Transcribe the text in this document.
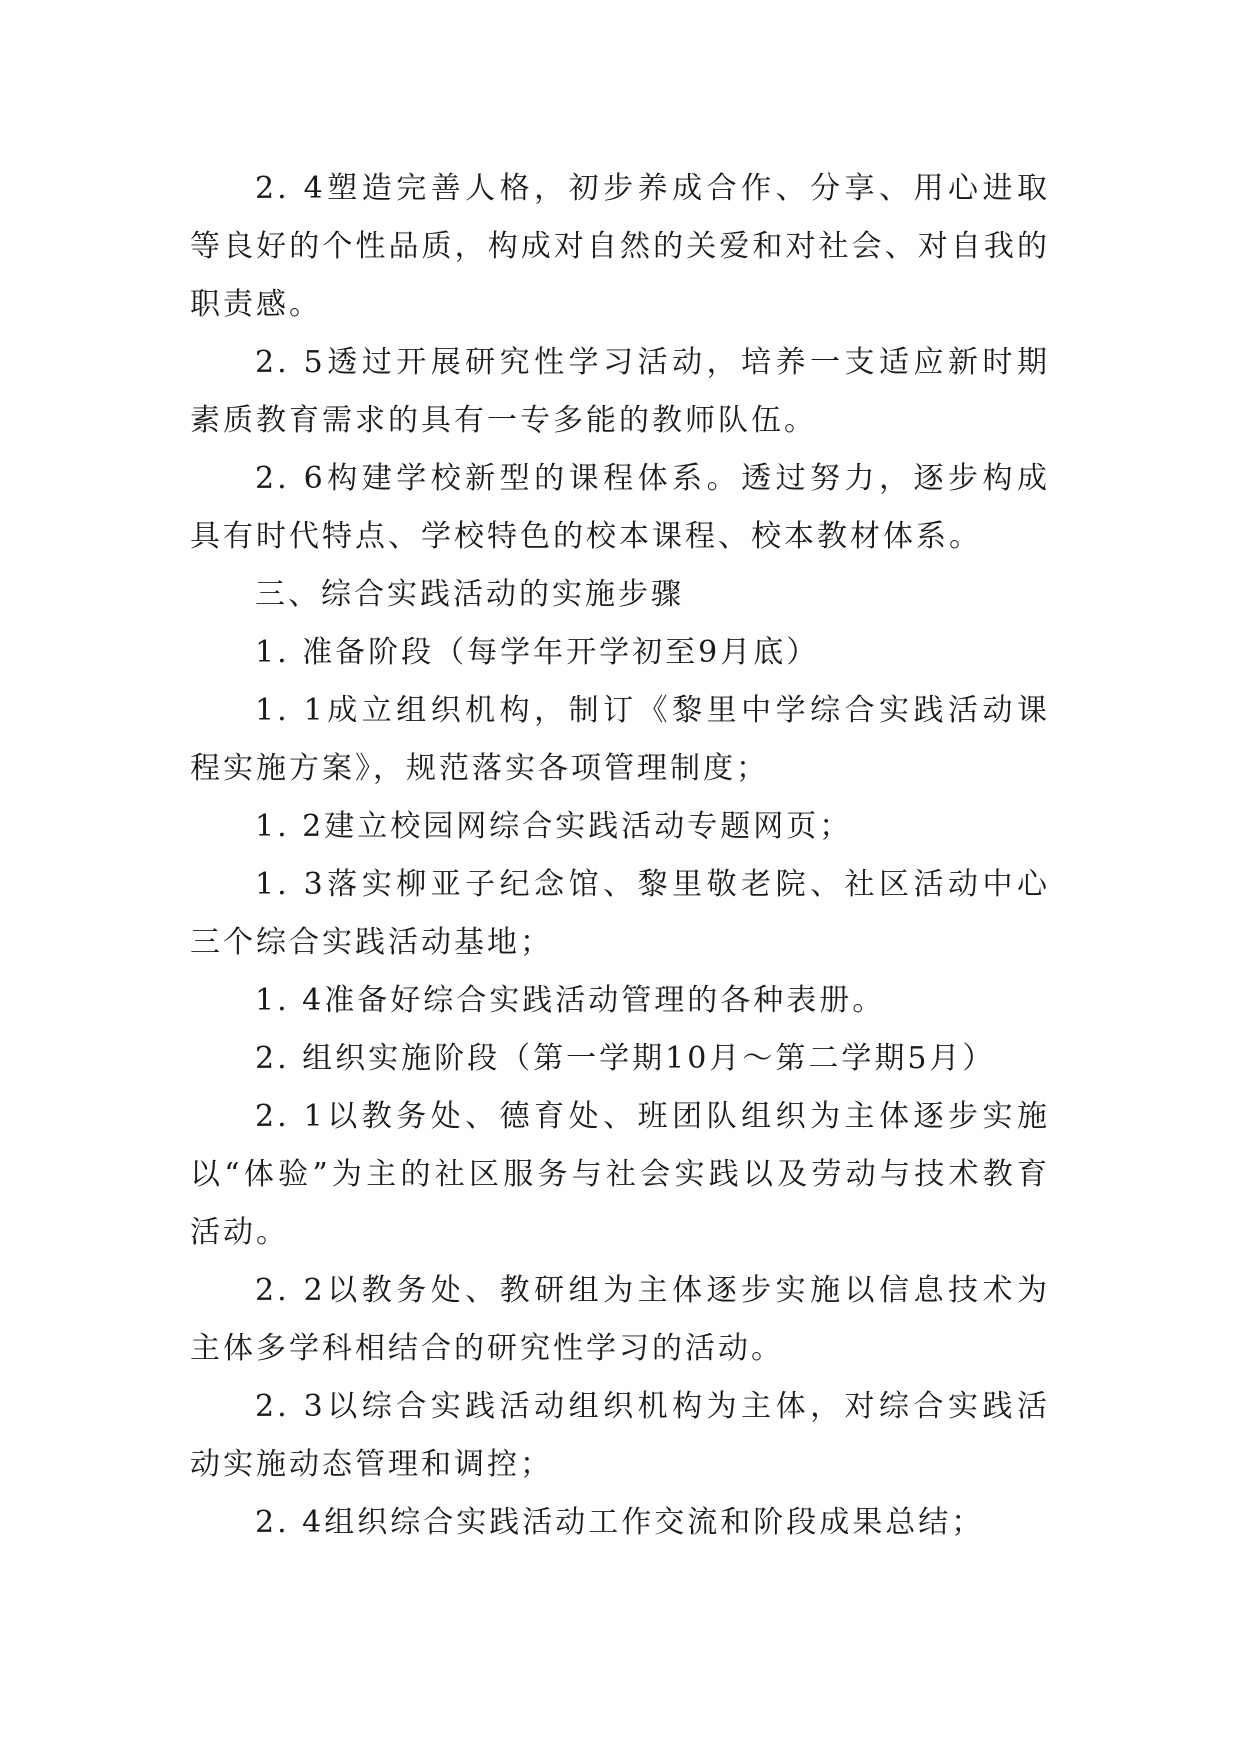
2. 4塑造完善人格，初步养成合作、分享、用心进取等良好的个性品质，构成对自然的关爱和对社会、对自我的职责感。

2. 5透过开展研究性学习活动，培养一支适应新时期素质教育需求的具有一专多能的教师队伍。

2. 6构建学校新型的课程体系。透过努力，逐步构成具有时代特点、学校特色的校本课程、校本教材体系。

三、综合实践活动的实施步骤

1. 准备阶段（每学年开学初至9月底）

1. 1成立组织机构，制订《黎里中学综合实践活动课程实施方案》，规范落实各项管理制度；

1. 2建立校园网综合实践活动专题网页；

1. 3落实柳亚子纪念馆、黎里敬老院、社区活动中心三个综合实践活动基地；

1. 4准备好综合实践活动管理的各种表册。

2. 组织实施阶段（第一学期10月～第二学期5月）

2. 1以教务处、德育处、班团队组织为主体逐步实施以“体验”为主的社区服务与社会实践以及劳动与技术教育活动。

2. 2以教务处、教研组为主体逐步实施以信息技术为主体多学科相结合的研究性学习的活动。

2. 3以综合实践活动组织机构为主体，对综合实践活动实施动态管理和调控；

2. 4组织综合实践活动工作交流和阶段成果总结；
